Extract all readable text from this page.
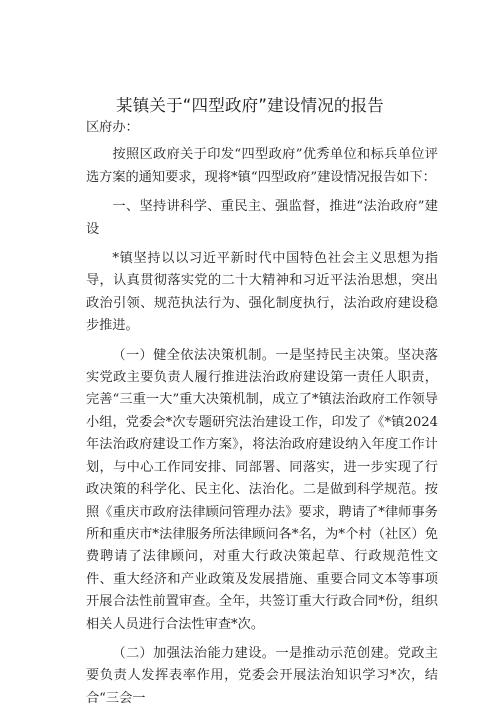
某镇关于“四型政府”建设情况的报告

区府办：

按照区政府关于印发“四型政府”优秀单位和标兵单位评选方案的通知要求，现将*镇“四型政府”建设情况报告如下：

一、坚持讲科学、重民主、强监督，推进“法治政府”建设

*镇坚持以以习近平新时代中国特色社会主义思想为指导，认真贯彻落实党的二十大精神和习近平法治思想，突出政治引领、规范执法行为、强化制度执行，法治政府建设稳步推进。

（一）健全依法决策机制。一是坚持民主决策。坚决落实党政主要负责人履行推进法治政府建设第一责任人职责，完善“三重一大”重大决策机制，成立了*镇法治政府工作领导小组，党委会*次专题研究法治建设工作，印发了《*镇2024年法治政府建设工作方案》，将法治政府建设纳入年度工作计划，与中心工作同安排、同部署、同落实，进一步实现了行政决策的科学化、民主化、法治化。二是做到科学规范。按照《重庆市政府法律顾问管理办法》要求，聘请了*律师事务所和重庆市*法律服务所法律顾问各*名，为*个村（社区）免费聘请了法律顾问，对重大行政决策起草、行政规范性文件、重大经济和产业政策及发展措施、重要合同文本等事项开展合法性前置审查。全年，共签订重大行政合同*份，组织相关人员进行合法性审查*次。

（二）加强法治能力建设。一是推动示范创建。党政主要负责人发挥表率作用，党委会开展法治知识学习*次，结合“三会一
